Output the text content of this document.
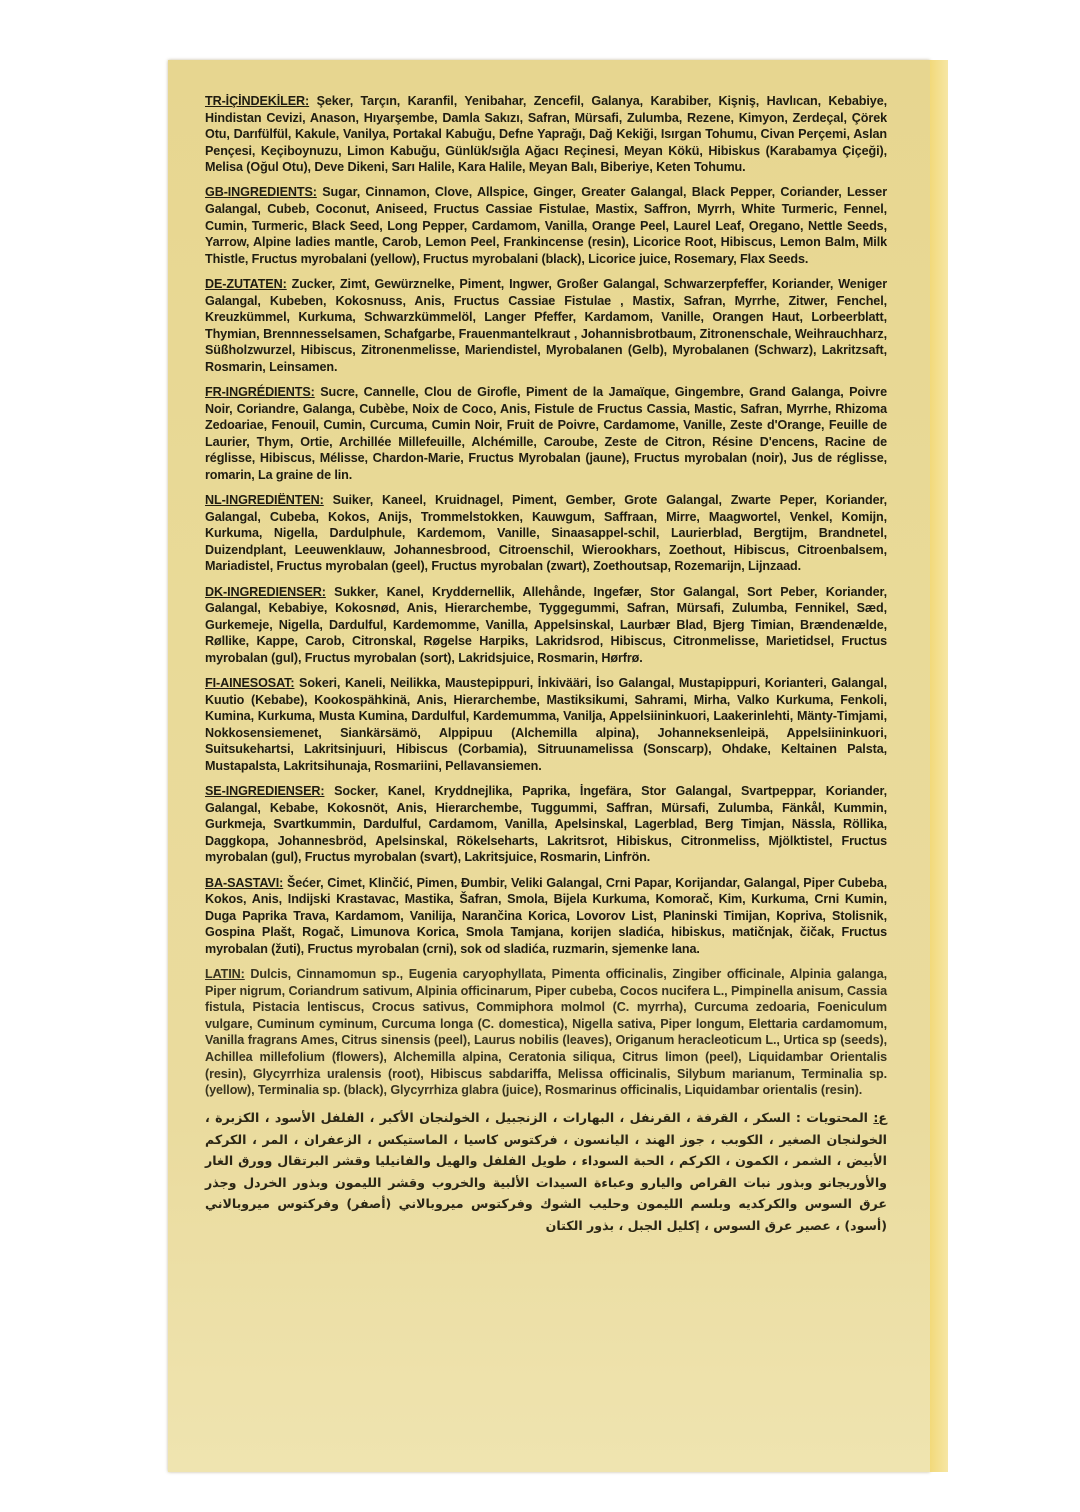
TR-İÇİNDEKİLER: Şeker, Tarçın, Karanfil, Yenibahar, Zencefil, Galanya, Karabiber, Kişniş, Havlıcan, Kebabiye, Hindistan Cevizi, Anason, Hıyarşembe, Damla Sakızı, Safran, Mürsafi, Zulumba, Rezene, Kimyon, Zerdeçal, Çörek Otu, Darıfülfül, Kakule, Vanilya, Portakal Kabuğu, Defne Yaprağı, Dağ Kekiği, Isırgan Tohumu, Civan Perçemi, Aslan Pençesi, Keçiboynuzu, Limon Kabuğu, Günlük/sığla Ağacı Reçinesi, Meyan Kökü, Hibiskus (Karabamya Çiçeği), Melisa (Oğul Otu), Deve Dikeni, Sarı Halile, Kara Halile, Meyan Balı, Biberiye, Keten Tohumu.

GB-INGREDIENTS: Sugar, Cinnamon, Clove, Allspice, Ginger, Greater Galangal, Black Pepper, Coriander, Lesser Galangal, Cubeb, Coconut, Aniseed, Fructus Cassiae Fistulae, Mastix, Saffron, Myrrh, White Turmeric, Fennel, Cumin, Turmeric, Black Seed, Long Pepper, Cardamom, Vanilla, Orange Peel, Laurel Leaf, Oregano, Nettle Seeds, Yarrow, Alpine ladies mantle, Carob, Lemon Peel, Frankincense (resin), Licorice Root, Hibiscus, Lemon Balm, Milk Thistle, Fructus myrobalani (yellow), Fructus myrobalani (black), Licorice juice, Rosemary, Flax Seeds.

DE-ZUTATEN: Zucker, Zimt, Gewürznelke, Piment, Ingwer, Großer Galangal, Schwarzerpfeffer, Koriander, Weniger Galangal, Kubeben, Kokosnuss, Anis, Fructus Cassiae Fistulae , Mastix, Safran, Myrrhe, Zitwer, Fenchel, Kreuzkümmel, Kurkuma, Schwarzkümmelöl, Langer Pfeffer, Kardamom, Vanille, Orangen Haut, Lorbeerblatt, Thymian, Brennnesselsamen, Schafgarbe, Frauenmantelkraut , Johannisbrotbaum, Zitronenschale, Weihrauchharz, Süßholzwurzel, Hibiscus, Zitronenmelisse, Mariendistel, Myrobalanen (Gelb), Myrobalanen (Schwarz), Lakritzsaft, Rosmarin, Leinsamen.

FR-INGRÉDIENTS: Sucre, Cannelle, Clou de Girofle, Piment de la Jamaïque, Gingembre, Grand Galanga, Poivre Noir, Coriandre, Galanga, Cubèbe, Noix de Coco, Anis, Fistule de Fructus Cassia, Mastic, Safran, Myrrhe, Rhizoma Zedoariae, Fenouil, Cumin, Curcuma, Cumin Noir, Fruit de Poivre, Cardamome, Vanille, Zeste d'Orange, Feuille de Laurier, Thym, Ortie, Archillée Millefeuille, Alchémille, Caroube, Zeste de Citron, Résine D'encens, Racine de réglisse, Hibiscus, Mélisse, Chardon-Marie, Fructus Myrobalan (jaune), Fructus myrobalan (noir), Jus de réglisse, romarin, La graine de lin.

NL-INGREDIËNTEN: Suiker, Kaneel, Kruidnagel, Piment, Gember, Grote Galangal, Zwarte Peper, Koriander, Galangal, Cubeba, Kokos, Anijs, Trommelstokken, Kauwgum, Saffraan, Mirre, Maagwortel, Venkel, Komijn, Kurkuma, Nigella, Dardulphule, Kardemom, Vanille, Sinaasappel-schil, Laurierblad, Bergtijm, Brandnetel, Duizendplant, Leeuwenklauw, Johannesbrood, Citroenschil, Wierookhars, Zoethout, Hibiscus, Citroenbalsem, Mariadistel, Fructus myrobalan (geel), Fructus myrobalan (zwart), Zoethoutsap, Rozemarijn, Lijnzaad.

DK-INGREDIENSER: Sukker, Kanel, Kryddernellik, Allehånde, Ingefær, Stor Galangal, Sort Peber, Koriander, Galangal, Kebabiye, Kokosnød, Anis, Hierarchembe, Tyggegummi, Safran, Mürsafi, Zulumba, Fennikel, Sæd, Gurkemeje, Nigella, Dardulful, Kardemomme, Vanilla, Appelsinskal, Laurbær Blad, Bjerg Timian, Brændenælde, Røllike, Kappe, Carob, Citronskal, Røgelse Harpiks, Lakridsrod, Hibiscus, Citronmelisse, Marietidsel, Fructus myrobalan (gul), Fructus myrobalan (sort), Lakridsjuice, Rosmarin, Hørfrø.

FI-AINESOSAT: Sokeri, Kaneli, Neilikka, Maustepippuri, İnkivääri, İso Galangal, Mustapippuri, Korianteri, Galangal, Kuutio (Kebabe), Kookospähkinä, Anis, Hierarchembe, Mastiksikumi, Sahrami, Mirha, Valko Kurkuma, Fenkoli, Kumina, Kurkuma, Musta Kumina, Dardulful, Kardemumma, Vanilja, Appelsiininkuori, Laakerinlehti, Mänty-Timjami, Nokkosensiemenet, Siankärsämö, Alppipuu (Alchemilla alpina), Johanneksenleipä, Appelsiininkuori, Suitsukehartsi, Lakritsinjuuri, Hibiscus (Corbamia), Sitruunamelissa (Sonscarp), Ohdake, Keltainen Palsta, Mustapalsta, Lakritsihunaja, Rosmariini, Pellavansiemen.

SE-INGREDIENSER: Socker, Kanel, Kryddnejlika, Paprika, İngefära, Stor Galangal, Svartpeppar, Koriander, Galangal, Kebabe, Kokosnöt, Anis, Hierarchembe, Tuggummi, Saffran, Mürsafi, Zulumba, Fänkål, Kummin, Gurkmeja, Svartkummin, Dardulful, Cardamom, Vanilla, Apelsinskal, Lagerblad, Berg Timjan, Nässla, Röllika, Daggkopa, Johannesbröd, Apelsinskal, Rökelseharts, Lakritsrot, Hibiskus, Citronmeliss, Mjölktistel, Fructus myrobalan (gul), Fructus myrobalan (svart), Lakritsjuice, Rosmarin, Linfrön.

BA-SASTAVI: Šećer, Cimet, Klinčić, Pimen, Đumbir, Veliki Galangal, Crni Papar, Korijandar, Galangal, Piper Cubeba, Kokos, Anis, Indijski Krastavac, Mastika, Šafran, Smola, Bijela Kurkuma, Komorač, Kim, Kurkuma, Crni Kumin, Duga Paprika Trava, Kardamom, Vanilija, Narančina Korica, Lovorov List, Planinski Timijan, Kopriva, Stolisnik, Gospina Plašt, Rogač, Limunova Korica, Smola Tamjana, korijen sladića, hibiskus, matičnjak, čičak, Fructus myrobalan (žuti), Fructus myrobalan (crni), sok od sladića, ruzmarin, sjemenke lana.

LATIN: Dulcis, Cinnamomun sp., Eugenia caryophyllata, Pimenta officinalis, Zingiber officinale, Alpinia galanga, Piper nigrum, Coriandrum sativum, Alpinia officinarum, Piper cubeba, Cocos nucifera L., Pimpinella anisum, Cassia fistula, Pistacia lentiscus, Crocus sativus, Commiphora molmol (C. myrrha), Curcuma zedoaria, Foeniculum vulgare, Cuminum cyminum, Curcuma longa (C. domestica), Nigella sativa, Piper longum, Elettaria cardamomum, Vanilla fragrans Ames, Citrus sinensis (peel), Laurus nobilis (leaves), Origanum heracleoticum L., Urtica sp (seeds), Achillea millefolium (flowers), Alchemilla alpina, Ceratonia siliqua, Citrus limon (peel), Liquidambar Orientalis (resin), Glycyrrhiza uralensis (root), Hibiscus sabdariffa, Melissa officinalis, Silybum marianum, Terminalia sp. (yellow), Terminalia sp. (black), Glycyrrhiza glabra (juice), Rosmarinus officinalis, Liquidambar orientalis (resin).

ع: المحتويات : السكر ، القرفة ، القرنفل ، البهارات ، الزنجبيل ، الخولنجان الأكبر ، الفلفل الأسود ، الكزبرة ، الخولنجان الصغير ، الكوبب ، جوز الهند ، اليانسون ، فركتوس كاسيا ، الماستيكس ، الزعفران ، المر ، الكركم الأبيض ، الشمر ، الكمون ، الكركم ، الحبة السوداء ، طويل الفلفل والهيل والفانيليا وقشر البرتقال وورق الغار والأوريجانو وبذور نبات القراص واليارو وعباءة السيدات الألبية والخروب وقشر الليمون وبذور الخردل وجذر عرق السوس والكركديه وبلسم الليمون وحليب الشوك وفركتوس ميروبالاني (أصفر) وفركتوس ميروبالاني (أسود) ، عصير عرق السوس ، إكليل الجبل ، بذور الكتان
